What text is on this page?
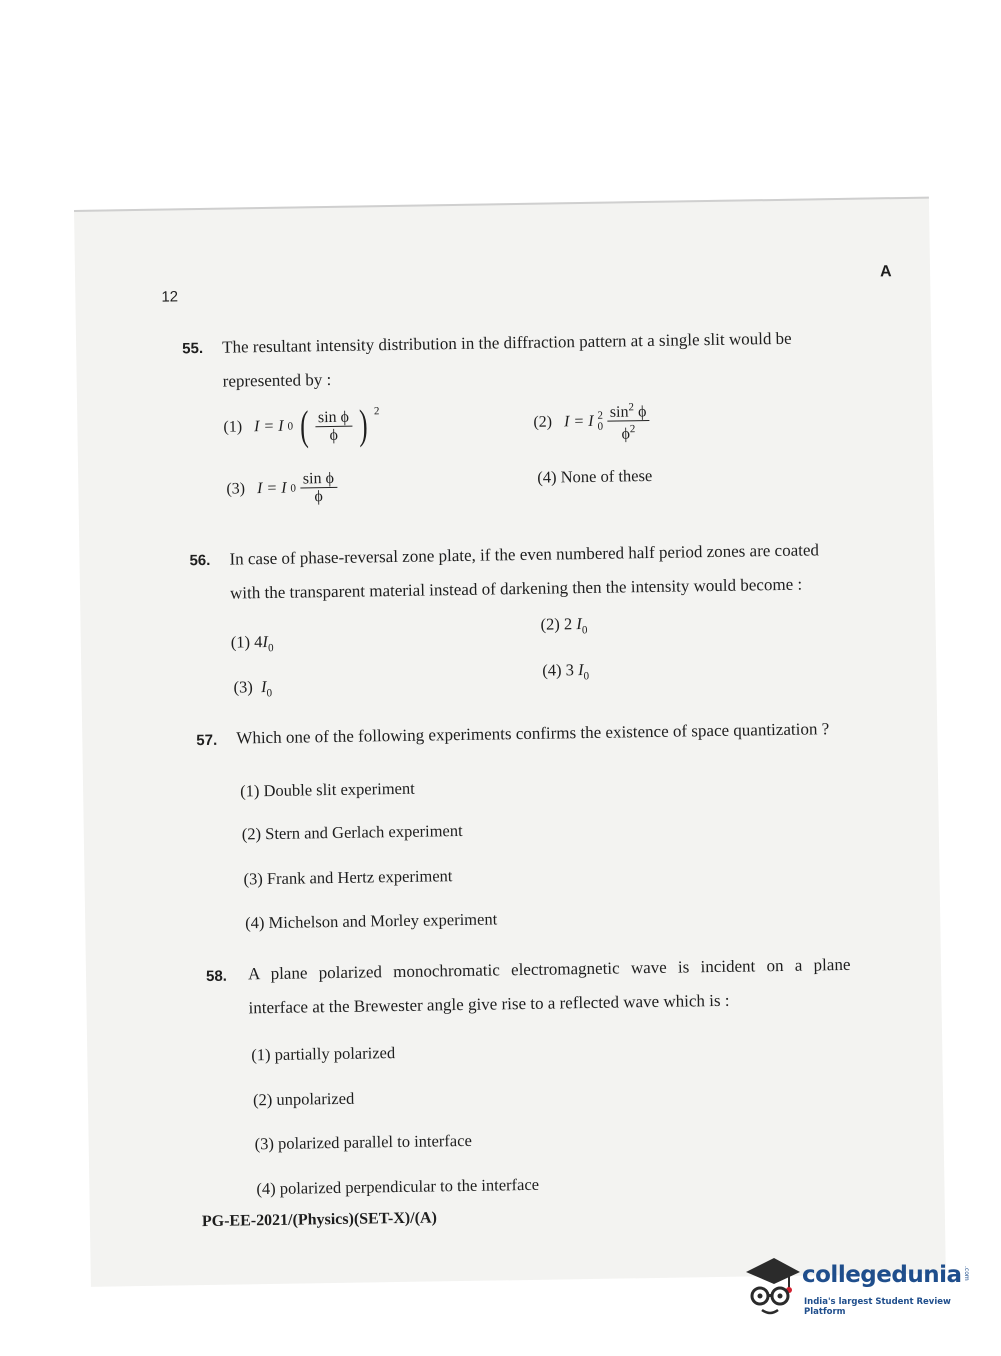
12
A
55. The resultant intensity distribution in the diffraction pattern at a single slit would be
represented by :
(1)
I = I 0 ( $\frac{\text{sin ϕ}}{\phi}$ ) $^2$
(2)
I = I 2
$0 \frac{\sin^2 \phi}{\phi^2}$
(3)
I = I $0 \frac{\text{sin ϕ}}{\phi}$	(4) None of these
56. In case of phase-reversal zone plate, if the even numbered half period zones are coated
with the transparent material instead of darkening then the intensity would become :
(1) $4I_0$
(2) 2 $I_0$
(3) $I_0$
(4) 3 $I_0$
57. Which one of the following experiments confirms the existence of space quantization ?
(1) Double slit experiment
(2) Stern and Gerlach experiment
(3) Frank and Hertz experiment
(4) Michelson and Morley experiment
58. A plane polarized monochromatic electromagnetic wave is incident on a plane
interface at the Brewester angle give rise to a reflected wave which is :
(1) partially polarized
(2) unpolarized
(3) polarized parallel to interface
(4) polarized perpendicular to the interface
PG-EE-2021/(Physics)(SET-X)/(A)
collegedunia .com
India's largest Student Review Platform
